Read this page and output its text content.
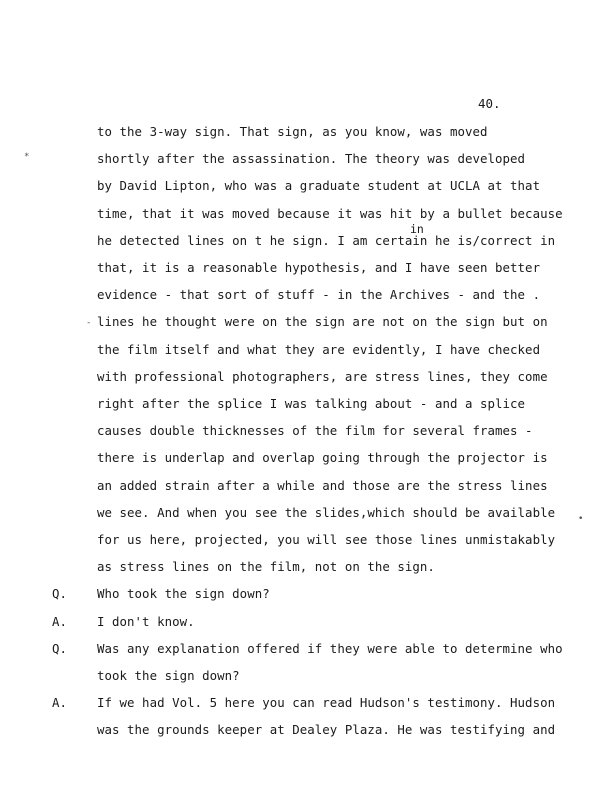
40.
in
to the 3-way sign. That sign, as you know, was moved
shortly after the assassination. The theory was developed
by David Lipton, who was a graduate student at UCLA at that
time, that it was moved because it was hit by a bullet because
he detected lines on t he sign. I am certain he is/correct in
that, it is a reasonable hypothesis, and I have seen better
evidence - that sort of stuff - in the Archives - and the .
lines he thought were on the sign are not on the sign but on
the film itself and what they are evidently, I have checked
with professional photographers, are stress lines, they come
right after the splice I was talking about - and a splice
causes double thicknesses of the film for several frames -
there is underlap and overlap going through the projector is
an added strain after a while and those are the stress lines
we see. And when you see the slides,which should be available
for us here, projected, you will see those lines unmistakably
as stress lines on the film, not on the sign.
Q. Who took the sign down?
A. I don't know.
Q. Was any explanation offered if they were able to determine who
took the sign down?
A. If we had Vol. 5 here you can read Hudson's testimony. Hudson
was the grounds keeper at Dealey Plaza. He was testifying and
*
-
•
